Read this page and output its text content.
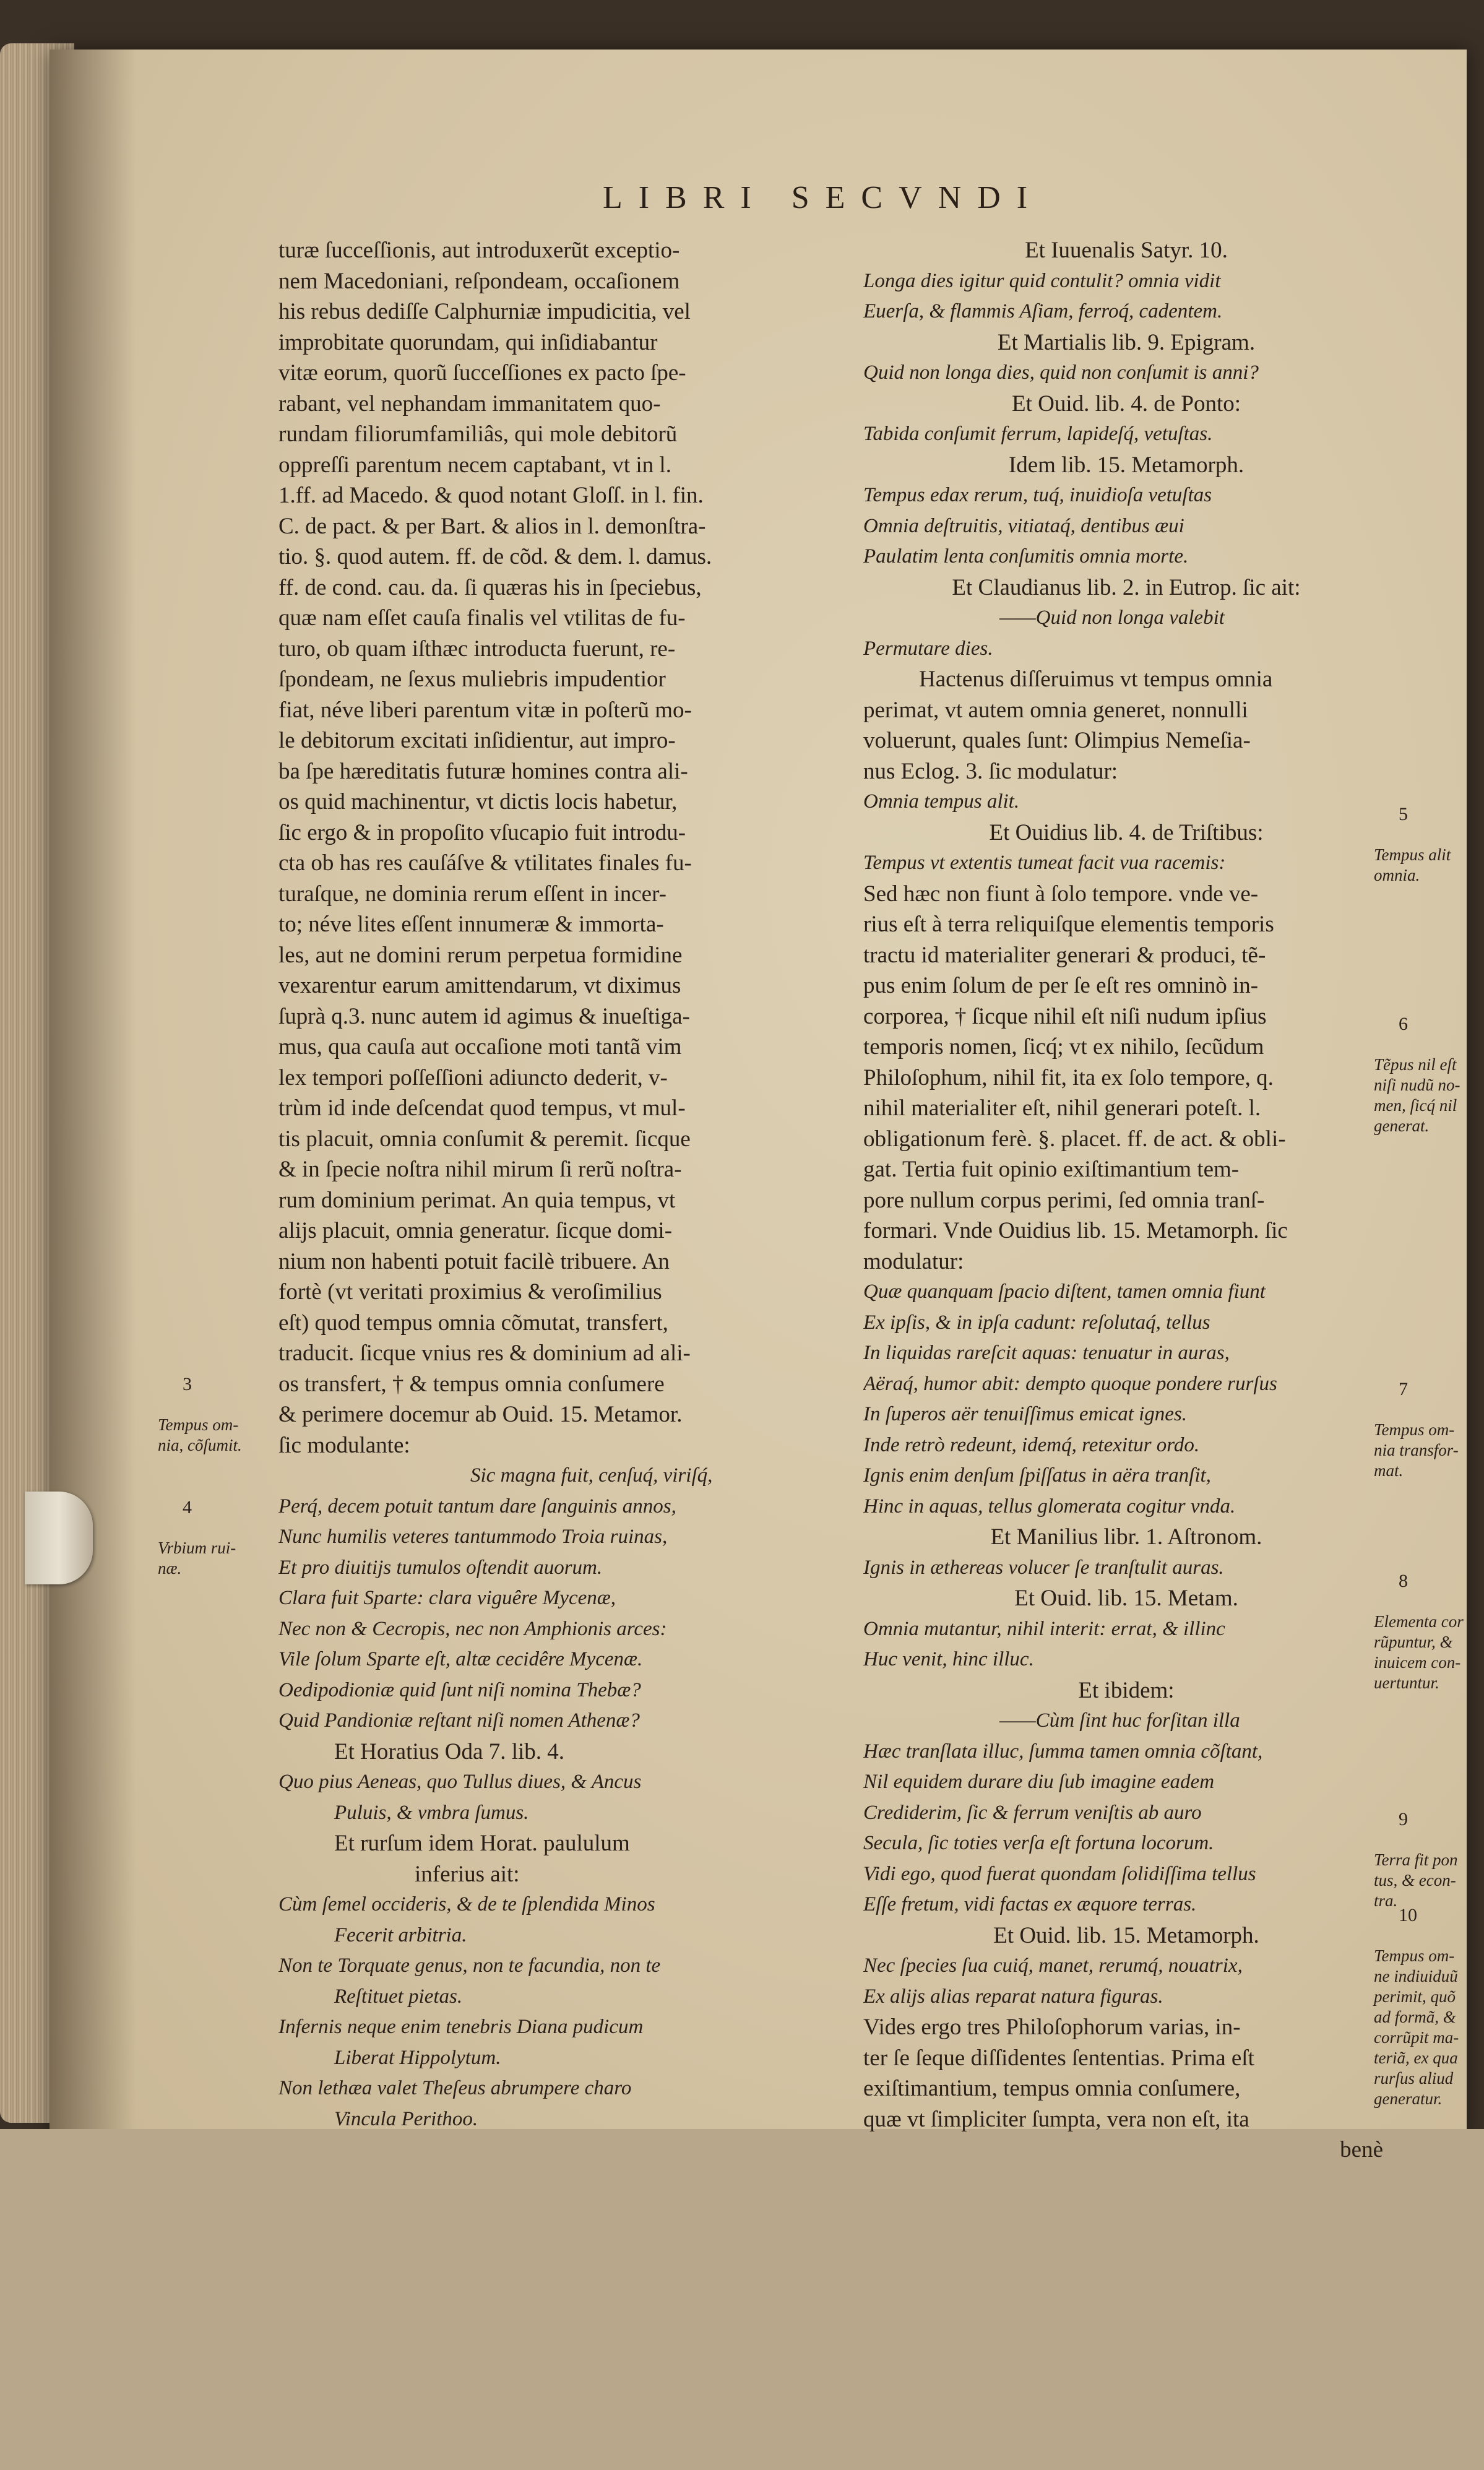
LIBRI SECVNDI
turæ ſucceſſionis, aut introduxerũt exceptio-
nem Macedoniani, reſpondeam, occaſionem
his rebus dediſſe Calphurniæ impudicitia, vel
improbitate quorundam, qui inſidiabantur
vitæ eorum, quorũ ſucceſſiones ex pacto ſpe-
rabant, vel nephandam immanitatem quo-
rundam filiorumfamiliâs, qui mole debitorũ
oppreſſi parentum necem captabant, vt in l.
1.ff. ad Macedo. & quod notant Gloſſ. in l. fin.
C. de pact. & per Bart. & alios in l. demonſtra-
tio. §. quod autem. ff. de cõd. & dem. l. damus.
ff. de cond. cau. da. ſi quæras his in ſpeciebus,
quæ nam eſſet cauſa finalis vel vtilitas de fu-
turo, ob quam iſthæc introducta fuerunt, re-
ſpondeam, ne ſexus muliebris impudentior
fiat, néve liberi parentum vitæ in poſterũ mo-
le debitorum excitati inſidientur, aut impro-
ba ſpe hæreditatis futuræ homines contra ali-
os quid machinentur, vt dictis locis habetur,
ſic ergo & in propoſito vſucapio fuit introdu-
cta ob has res cauſáſve & vtilitates finales fu-
turaſque, ne dominia rerum eſſent in incer-
to; néve lites eſſent innumeræ & immorta-
les, aut ne domini rerum perpetua formidine
vexarentur earum amittendarum, vt diximus
ſuprà q.3. nunc autem id agimus & inueſtiga-
mus, qua cauſa aut occaſione moti tantã vim
lex tempori poſſeſſioni adiuncto dederit, v-
trùm id inde deſcendat quod tempus, vt mul-
tis placuit, omnia conſumit & peremit. ſicque
& in ſpecie noſtra nihil mirum ſi rerũ noſtra-
rum dominium perimat. An quia tempus, vt
alijs placuit, omnia generatur. ſicque domi-
nium non habenti potuit facilè tribuere. An
fortè (vt veritati proximius & veroſimilius
eſt) quod tempus omnia cõmutat, transfert,
traducit. ſicque vnius res & dominium ad ali-
os transfert, † & tempus omnia conſumere
& perimere docemur ab Ouid. 15. Metamor.
ſic modulante:
Sic magna fuit, cenſuq́, viriſq́,
Perq́, decem potuit tantum dare ſanguinis annos,
Nunc humilis veteres tantummodo Troia ruinas,
Et pro diuitijs tumulos oſtendit auorum.
Clara fuit Sparte: clara viguêre Mycenæ,
Nec non & Cecropis, nec non Amphionis arces:
Vile ſolum Sparte eſt, altæ cecidêre Mycenæ.
Oedipodioniæ quid ſunt niſi nomina Thebæ?
Quid Pandioniæ reſtant niſi nomen Athenæ?
Et Horatius Oda 7. lib. 4.
Quo pius Aeneas, quo Tullus diues, & Ancus
Puluis, & vmbra ſumus.
Et rurſum idem Horat. paululum
inferius ait:
Cùm ſemel occideris, & de te ſplendida Minos
Fecerit arbitria.
Non te Torquate genus, non te facundia, non te
Reſtituet pietas.
Infernis neque enim tenebris Diana pudicum
Liberat Hippolytum.
Non lethæa valet Theſeus abrumpere charo
Vincula Perithoo.
Et Iuuenalis Satyr. 10.
Longa dies igitur quid contulit? omnia vidit
Euerſa, & flammis Aſiam, ferroq́, cadentem.
Et Martialis lib. 9. Epigram.
Quid non longa dies, quid non conſumit is anni?
Et Ouid. lib. 4. de Ponto:
Tabida conſumit ferrum, lapideſq́, vetuſtas.
Idem lib. 15. Metamorph.
Tempus edax rerum, tuq́, inuidioſa vetuſtas
Omnia deſtruitis, vitiataq́, dentibus æui
Paulatim lenta conſumitis omnia morte.
Et Claudianus lib. 2. in Eutrop. ſic ait:
——Quid non longa valebit
Permutare dies.
Hactenus diſſeruimus vt tempus omnia
perimat, vt autem omnia generet, nonnulli
voluerunt, quales ſunt: Olimpius Nemeſia-
nus Eclog. 3. ſic modulatur:
Omnia tempus alit.
Et Ouidius lib. 4. de Triſtibus:
Tempus vt extentis tumeat facit vua racemis:
Sed hæc non fiunt à ſolo tempore. vnde ve-
rius eſt à terra reliquiſque elementis temporis
tractu id materialiter generari & produci, tẽ-
pus enim ſolum de per ſe eſt res omninò in-
corporea, † ſicque nihil eſt niſi nudum ipſius
temporis nomen, ſicq́; vt ex nihilo, ſecũdum
Philoſophum, nihil fit, ita ex ſolo tempore, q.
nihil materialiter eſt, nihil generari poteſt. l.
obligationum ferè. §. placet. ff. de act. & obli-
gat. Tertia fuit opinio exiſtimantium tem-
pore nullum corpus perimi, ſed omnia tranſ-
formari. Vnde Ouidius lib. 15. Metamorph. ſic
modulatur:
Quæ quanquam ſpacio diſtent, tamen omnia fiunt
Ex ipſis, & in ipſa cadunt: reſolutaq́, tellus
In liquidas rareſcit aquas: tenuatur in auras,
Aëraq́, humor abit: dempto quoque pondere rurſus
In ſuperos aër tenuiſſimus emicat ignes.
Inde retrò redeunt, idemq́, retexitur ordo.
Ignis enim denſum ſpiſſatus in aëra tranſit,
Hinc in aquas, tellus glomerata cogitur vnda.
Et Manilius libr. 1. Aſtronom.
Ignis in æthereas volucer ſe tranſtulit auras.
Et Ouid. lib. 15. Metam.
Omnia mutantur, nihil interit: errat, & illinc
Huc venit, hinc illuc.
Et ibidem:
——Cùm ſint huc forſitan illa
Hæc tranſlata illuc, ſumma tamen omnia cõſtant,
Nil equidem durare diu ſub imagine eadem
Crediderim, ſic & ferrum veniſtis ab auro
Secula, ſic toties verſa eſt fortuna locorum.
Vidi ego, quod fuerat quondam ſolidiſſima tellus
Eſſe fretum, vidi factas ex æquore terras.
Et Ouid. lib. 15. Metamorph.
Nec ſpecies ſua cuiq́, manet, rerumq́, nouatrix,
Ex alijs alias reparat natura figuras.
Vides ergo tres Philoſophorum varias, in-
ter ſe ſeque diſſidentes ſententias. Prima eſt
exiſtimantium, tempus omnia conſumere,
quæ vt ſimpliciter ſumpta, vera non eſt, ita
benè

3

Tempus om-
nia, cõſumit.

4

Vrbium rui-
næ.

5

Tempus alit
omnia.

6

Tẽpus nil eſt
niſi nudũ no-
men, ſicq́ nil
generat.

7

Tempus om-
nia transfor-
mat.

8

Elementa cor
rũpuntur, &
inuicem con-
uertuntur.

9

Terra fit pon
tus, & econ-
tra.

10

Tempus om-
ne indiuiduũ
perimit, quõ
ad formã, &
corrũpit ma-
teriã, ex qua
rurſus aliud
generatur.
